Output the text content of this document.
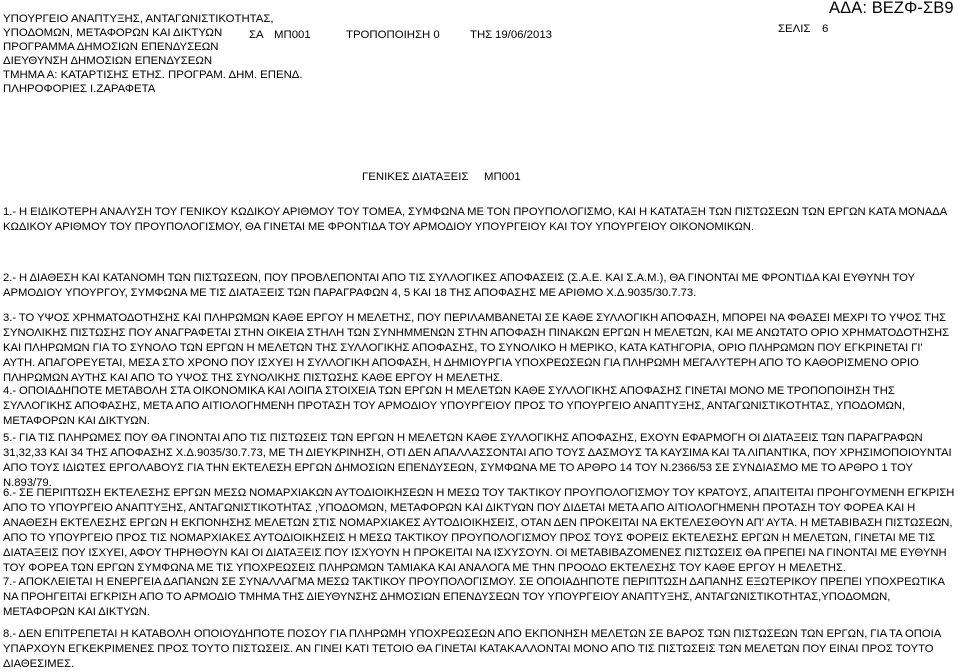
ΥΠΟΥΡΓΕΙΟ ΑΝΑΠΤΥΞΗΣ, ΑΝΤΑΓΩΝΙΣΤΙΚΟΤΗΤΑΣ,
ΥΠΟΔΟΜΩΝ, ΜΕΤΑΦΟΡΩΝ ΚΑΙ ΔΙΚΤΥΩΝ
ΠΡΟΓΡΑΜΜΑ ΔΗΜΟΣΙΩΝ ΕΠΕΝΔΥΣΕΩΝ
ΔΙΕΥΘΥΝΣΗ ΔΗΜΟΣΙΩΝ ΕΠΕΝΔΥΣΕΩΝ
ΤΜΗΜΑ Α: ΚΑΤΑΡΤΙΣΗΣ ΕΤΗΣ. ΠΡΟΓΡΑΜ. ΔΗΜ. ΕΠΕΝΔ.
ΠΛΗΡΟΦΟΡΙΕΣ Ι.ΖΑΡΑΦΕΤΑ
ΣΑ ΜΠ001	ΤΡΟΠΟΠΟΙΗΣΗ 0	ΤΗΣ 19/06/2013
ΑΔΑ: ΒΕΖΦ-ΣΒ9
ΣΕΛΙΣ 6
ΓΕΝΙΚΕΣ ΔΙΑΤΑΞΕΙΣ ΜΠ001
1.- Η ΕΙΔΙΚΟΤΕΡΗ ΑΝΑΛΥΣΗ ΤΟΥ ΓΕΝΙΚΟΥ ΚΩΔΙΚΟΥ ΑΡΙΘΜΟΥ ΤΟΥ ΤΟΜΕΑ, ΣΥΜΦΩΝΑ ΜΕ ΤΟΝ ΠΡΟΥΠΟΛΟΓΙΣΜΟ, ΚΑΙ Η ΚΑΤΑΤΑΞΗ ΤΩΝ ΠΙΣΤΩΣΕΩΝ ΤΩΝ ΕΡΓΩΝ ΚΑΤΑ ΜΟΝΑΔΑ ΚΩΔΙΚΟΥ ΑΡΙΘΜΟΥ ΤΟΥ ΠΡΟΥΠΟΛΟΓΙΣΜΟΥ, ΘΑ ΓΙΝΕΤΑΙ ΜΕ ΦΡΟΝΤΙΔΑ ΤΟΥ ΑΡΜΟΔΙΟΥ ΥΠΟΥΡΓΕΙΟΥ ΚΑΙ ΤΟΥ ΥΠΟΥΡΓΕΙΟΥ ΟΙΚΟΝΟΜΙΚΩΝ.
2.- Η ΔΙΑΘΕΣΗ ΚΑΙ ΚΑΤΑΝΟΜΗ ΤΩΝ ΠΙΣΤΩΣΕΩΝ, ΠΟΥ ΠΡΟΒΛΕΠΟΝΤΑΙ ΑΠΟ ΤΙΣ ΣΥΛΛΟΓΙΚΕΣ ΑΠΟΦΑΣΕΙΣ (Σ.Α.Ε. ΚΑΙ Σ.Α.Μ.), ΘΑ ΓΙΝΟΝΤΑΙ ΜΕ ΦΡΟΝΤΙΔΑ ΚΑΙ ΕΥΘΥΝΗ ΤΟΥ ΑΡΜΟΔΙΟΥ ΥΠΟΥΡΓΟΥ, ΣΥΜΦΩΝΑ ΜΕ ΤΙΣ ΔΙΑΤΑΞΕΙΣ ΤΩΝ ΠΑΡΑΓΡΑΦΩΝ 4, 5 ΚΑΙ 18 ΤΗΣ ΑΠΟΦΑΣΗΣ ΜΕ ΑΡΙΘΜΟ Χ.Δ.9035/30.7.73.
3.- ΤΟ ΥΨΟΣ ΧΡΗΜΑΤΟΔΟΤΗΣΗΣ ΚΑΙ ΠΛΗΡΩΜΩΝ ΚΑΘΕ ΕΡΓΟΥ Η ΜΕΛΕΤΗΣ, ΠΟΥ ΠΕΡΙΛΑΜΒΑΝΕΤΑΙ ΣΕ ΚΑΘΕ ΣΥΛΛΟΓΙΚΗ ΑΠΟΦΑΣΗ, ΜΠΟΡΕΙ ΝΑ ΦΘΑΣΕΙ ΜΕΧΡΙ ΤΟ ΥΨΟΣ ΤΗΣ ΣΥΝΟΛΙΚΗΣ ΠΙΣΤΩΣΗΣ ΠΟΥ ΑΝΑΓΡΑΦΕΤΑΙ ΣΤΗΝ ΟΙΚΕΙΑ ΣΤΗΛΗ ΤΩΝ ΣΥΝΗΜΜΕΝΩΝ ΣΤΗΝ ΑΠΟΦΑΣΗ ΠΙΝΑΚΩΝ ΕΡΓΩΝ Η ΜΕΛΕΤΩΝ, ΚΑΙ ΜΕ ΑΝΩΤΑΤΟ ΟΡΙΟ ΧΡΗΜΑΤΟΔΟΤΗΣΗΣ ΚΑΙ ΠΛΗΡΩΜΩΝ ΓΙΑ ΤΟ ΣΥΝΟΛΟ ΤΩΝ ΕΡΓΩΝ Η ΜΕΛΕΤΩΝ ΤΗΣ ΣΥΛΛΟΓΙΚΗΣ ΑΠΟΦΑΣΗΣ, ΤΟ ΣΥΝΟΛΙΚΟ Η ΜΕΡΙΚΟ, ΚΑΤΑ ΚΑΤΗΓΟΡΙΑ, ΟΡΙΟ ΠΛΗΡΩΜΩΝ ΠΟΥ ΕΓΚΡΙΝΕΤΑΙ ΓΙ' ΑΥΤΗ. ΑΠΑΓΟΡΕΥΕΤΑΙ, ΜΕΣΑ ΣΤΟ ΧΡΟΝΟ ΠΟΥ ΙΣΧΥΕΙ Η ΣΥΛΛΟΓΙΚΗ ΑΠΟΦΑΣΗ, Η ΔΗΜΙΟΥΡΓΙΑ ΥΠΟΧΡΕΩΣΕΩΝ ΓΙΑ ΠΛΗΡΩΜΗ ΜΕΓΑΛΥΤΕΡΗ ΑΠΟ ΤΟ ΚΑΘΟΡΙΣΜΕΝΟ ΟΡΙΟ ΠΛΗΡΩΜΩΝ ΑΥΤΗΣ ΚΑΙ ΑΠΟ ΤΟ ΥΨΟΣ ΤΗΣ ΣΥΝΟΛΙΚΗΣ ΠΙΣΤΩΣΗΣ ΚΑΘΕ ΕΡΓΟΥ Η ΜΕΛΕΤΗΣ.
4.- ΟΠΟΙΑΔΗΠΟΤΕ ΜΕΤΑΒΟΛΗ ΣΤΑ ΟΙΚΟΝΟΜΙΚΑ ΚΑΙ ΛΟΙΠΑ ΣΤΟΙΧΕΙΑ ΤΩΝ ΕΡΓΩΝ Η ΜΕΛΕΤΩΝ ΚΑΘΕ ΣΥΛΛΟΓΙΚΗΣ ΑΠΟΦΑΣΗΣ ΓΙΝΕΤΑΙ ΜΟΝΟ ΜΕ ΤΡΟΠΟΠΟΙΗΣΗ ΤΗΣ ΣΥΛΛΟΓΙΚΗΣ ΑΠΟΦΑΣΗΣ, ΜΕΤΑ ΑΠΟ ΑΙΤΙΟΛΟΓΗΜΕΝΗ ΠΡΟΤΑΣΗ ΤΟΥ ΑΡΜΟΔΙΟΥ ΥΠΟΥΡΓΕΙΟΥ ΠΡΟΣ ΤΟ ΥΠΟΥΡΓΕΙΟ ΑΝΑΠΤΥΞΗΣ, ΑΝΤΑΓΩΝΙΣΤΙΚΟΤΗΤΑΣ, ΥΠΟΔΟΜΩΝ, ΜΕΤΑΦΟΡΩΝ ΚΑΙ ΔΙΚΤΥΩΝ.
5.- ΓΙΑ ΤΙΣ ΠΛΗΡΩΜΕΣ ΠΟΥ ΘΑ ΓΙΝΟΝΤΑΙ ΑΠΟ ΤΙΣ ΠΙΣΤΩΣΕΙΣ ΤΩΝ ΕΡΓΩΝ Η ΜΕΛΕΤΩΝ ΚΑΘΕ ΣΥΛΛΟΓΙΚΗΣ ΑΠΟΦΑΣΗΣ, ΕΧΟΥΝ ΕΦΑΡΜΟΓΗ ΟΙ ΔΙΑΤΑΞΕΙΣ ΤΩΝ ΠΑΡΑΓΡΑΦΩΝ 31,32,33 ΚΑΙ 34 ΤΗΣ ΑΠΟΦΑΣΗΣ Χ.Δ.9035/30.7.73, ΜΕ ΤΗ ΔΙΕΥΚΡΙΝΗΣΗ, ΟΤΙ ΔΕΝ ΑΠΑΛΛΑΣΣΟΝΤΑΙ ΑΠΟ ΤΟΥΣ ΔΑΣΜΟΥΣ ΤΑ ΚΑΥΣΙΜΑ ΚΑΙ ΤΑ ΛΙΠΑΝΤΙΚΑ, ΠΟΥ ΧΡΗΣΙΜΟΠΟΙΟΥΝΤΑΙ ΑΠΟ ΤΟΥΣ ΙΔΙΩΤΕΣ ΕΡΓΟΛΑΒΟΥΣ ΓΙΑ ΤΗΝ ΕΚΤΕΛΕΣΗ ΕΡΓΩΝ ΔΗΜΟΣΙΩΝ ΕΠΕΝΔΥΣΕΩΝ, ΣΥΜΦΩΝΑ ΜΕ ΤΟ ΑΡΘΡΟ 14 ΤΟΥ Ν.2366/53 ΣΕ ΣΥΝΔΙΑΣΜΟ ΜΕ ΤΟ ΑΡΘΡΟ 1 ΤΟΥ Ν.893/79.
6.- ΣΕ ΠΕΡΙΠΤΩΣΗ ΕΚΤΕΛΕΣΗΣ ΕΡΓΩΝ ΜΕΣΩ ΝΟΜΑΡΧΙΑΚΩΝ ΑΥΤΟΔΙΟΙΚΗΣΕΩΝ Η ΜΕΣΩ ΤΟΥ ΤΑΚΤΙΚΟΥ ΠΡΟΥΠΟΛΟΓΙΣΜΟΥ ΤΟΥ ΚΡΑΤΟΥΣ, ΑΠΑΙΤΕΙΤΑΙ ΠΡΟΗΓΟΥΜΕΝΗ ΕΓΚΡΙΣΗ ΑΠΟ ΤΟ ΥΠΟΥΡΓΕΙΟ ΑΝΑΠΤΥΞΗΣ, ΑΝΤΑΓΩΝΙΣΤΙΚΟΤΗΤΑΣ ,ΥΠΟΔΟΜΩΝ, ΜΕΤΑΦΟΡΩΝ ΚΑΙ ΔΙΚΤΥΩΝ ΠΟΥ ΔΙΔΕΤΑΙ ΜΕΤΑ ΑΠΟ ΑΙΤΙΟΛΟΓΗΜΕΝΗ ΠΡΟΤΑΣΗ ΤΟΥ ΦΟΡΕΑ ΚΑΙ Η ΑΝΑΘΕΣΗ ΕΚΤΕΛΕΣΗΣ ΕΡΓΩΝ Η ΕΚΠΟΝΗΣΗΣ ΜΕΛΕΤΩΝ ΣΤΙΣ ΝΟΜΑΡΧΙΑΚΕΣ ΑΥΤΟΔΙΟΙΚΗΣΕΙΣ, ΟΤΑΝ ΔΕΝ ΠΡΟΚΕΙΤΑΙ ΝΑ ΕΚΤΕΛΕΣΘΟΥΝ ΑΠ' ΑΥΤΑ. Η ΜΕΤΑΒΙΒΑΣΗ ΠΙΣΤΩΣΕΩΝ, ΑΠΟ ΤΟ ΥΠΟΥΡΓΕΙΟ ΠΡΟΣ ΤΙΣ ΝΟΜΑΡΧΙΑΚΕΣ ΑΥΤΟΔΙΟΙΚΗΣΕΙΣ Η ΜΕΣΩ ΤΑΚΤΙΚΟΥ ΠΡΟΥΠΟΛΟΓΙΣΜΟΥ ΠΡΟΣ ΤΟΥΣ ΦΟΡΕΙΣ ΕΚΤΕΛΕΣΗΣ ΕΡΓΩΝ Η ΜΕΛΕΤΩΝ, ΓΙΝΕΤΑΙ ΜΕ ΤΙΣ ΔΙΑΤΑΞΕΙΣ ΠΟΥ ΙΣΧΥΕΙ, ΑΦΟΥ ΤΗΡΗΘΟΥΝ ΚΑΙ ΟΙ ΔΙΑΤΑΞΕΙΣ ΠΟΥ ΙΣΧΥΟΥΝ Η ΠΡΟΚΕΙΤΑΙ ΝΑ ΙΣΧΥΣΟΥΝ. ΟΙ ΜΕΤΑΒΙΒΑΖΟΜΕΝΕΣ ΠΙΣΤΩΣΕΙΣ ΘΑ ΠΡΕΠΕΙ ΝΑ ΓΙΝΟΝΤΑΙ ΜΕ ΕΥΘΥΝΗ ΤΟΥ ΦΟΡΕΑ ΤΩΝ ΕΡΓΩΝ ΣΥΜΦΩΝΑ ΜΕ ΤΙΣ ΥΠΟΧΡΕΩΣΕΙΣ ΠΛΗΡΩΜΩΝ ΤΑΜΙΑΚΑ ΚΑΙ ΑΝΑΛΟΓΑ ΜΕ ΤΗΝ ΠΡΟΟΔΟ ΕΚΤΕΛΕΣΗΣ ΤΟΥ ΚΑΘΕ ΕΡΓΟΥ Η ΜΕΛΕΤΗΣ.
7.- ΑΠΟΚΛΕΙΕΤΑΙ Η ΕΝΕΡΓΕΙΑ ΔΑΠΑΝΩΝ ΣΕ ΣΥΝΑΛΛΑΓΜΑ ΜΕΣΩ ΤΑΚΤΙΚΟΥ ΠΡΟΥΠΟΛΟΓΙΣΜΟΥ. ΣΕ ΟΠΟΙΑΔΗΠΟΤΕ ΠΕΡΙΠΤΩΣΗ ΔΑΠΑΝΗΣ ΕΞΩΤΕΡΙΚΟΥ ΠΡΕΠΕΙ ΥΠΟΧΡΕΩΤΙΚΑ ΝΑ ΠΡΟΗΓΕΙΤΑΙ ΕΓΚΡΙΣΗ ΑΠΟ ΤΟ ΑΡΜΟΔΙΟ ΤΜΗΜΑ ΤΗΣ ΔΙΕΥΘΥΝΣΗΣ ΔΗΜΟΣΙΩΝ ΕΠΕΝΔΥΣΕΩΝ ΤΟΥ ΥΠΟΥΡΓΕΙΟΥ ΑΝΑΠΤΥΞΗΣ, ΑΝΤΑΓΩΝΙΣΤΙΚΟΤΗΤΑΣ,ΥΠΟΔΟΜΩΝ, ΜΕΤΑΦΟΡΩΝ ΚΑΙ ΔΙΚΤΥΩΝ.
8.- ΔΕΝ ΕΠΙΤΡΕΠΕΤΑΙ Η ΚΑΤΑΒΟΛΗ ΟΠΟΙΟΥΔΗΠΟΤΕ ΠΟΣΟΥ ΓΙΑ ΠΛΗΡΩΜΗ ΥΠΟΧΡΕΩΣΕΩΝ ΑΠΟ ΕΚΠΟΝΗΣΗ ΜΕΛΕΤΩΝ ΣΕ ΒΑΡΟΣ ΤΩΝ ΠΙΣΤΩΣΕΩΝ ΤΩΝ ΕΡΓΩΝ, ΓΙΑ ΤΑ ΟΠΟΙΑ ΥΠΑΡΧΟΥΝ ΕΓΚΕΚΡΙΜΕΝΕΣ ΠΡΟΣ ΤΟΥΤΟ ΠΙΣΤΩΣΕΙΣ. ΑΝ ΓΙΝΕΙ ΚΑΤΙ ΤΕΤΟΙΟ ΘΑ ΓΙΝΕΤΑΙ ΚΑΤΑΚΑΛΛΟΝΤΑΙ ΜΟΝΟ ΑΠΟ ΤΙΣ ΠΙΣΤΩΣΕΙΣ ΤΩΝ ΜΕΛΕΤΩΝ ΠΟΥ ΕΙΝΑΙ ΠΡΟΣ ΤΟΥΤΟ ΔΙΑΘΕΣΙΜΕΣ.
